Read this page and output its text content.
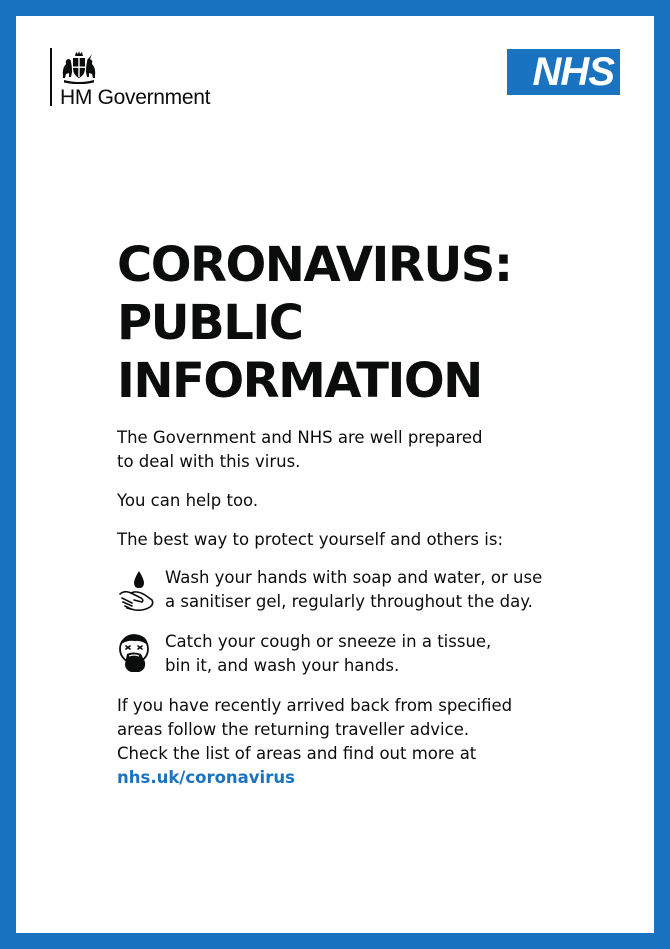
HM Government
NHS
CORONAVIRUS:
PUBLIC
INFORMATION

The Government and NHS are well prepared
to deal with this virus.

You can help too.

The best way to protect yourself and others is:

Wash your hands with soap and water, or use
a sanitiser gel, regularly throughout the day.

Catch your cough or sneeze in a tissue,
bin it, and wash your hands.

If you have recently arrived back from specified
areas follow the returning traveller advice.
Check the list of areas and find out more at
nhs.uk/coronavirus
